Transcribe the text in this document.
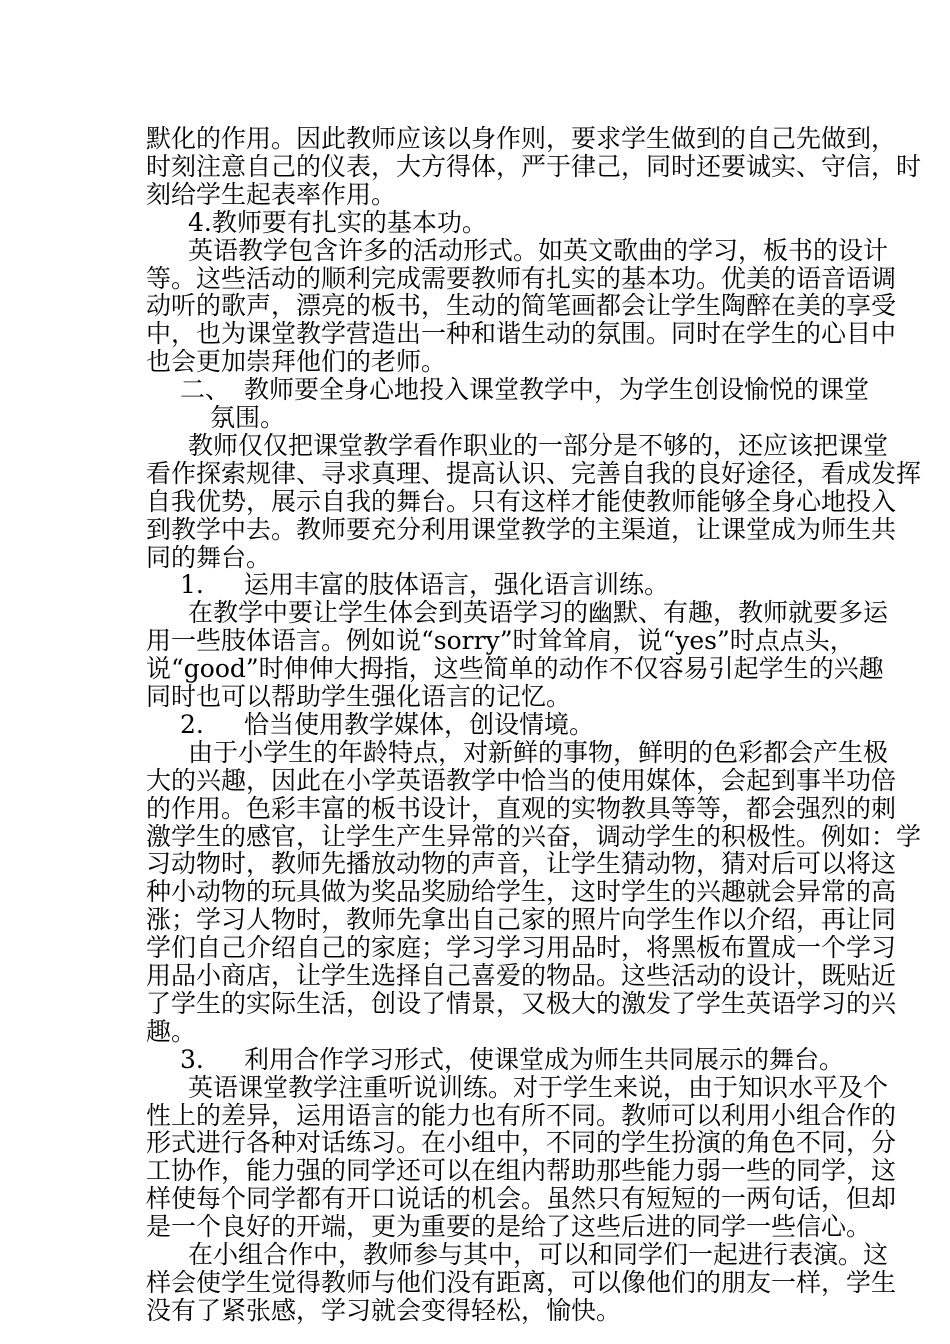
默化的作用。因此教师应该以身作则，要求学生做到的自己先做到，
时刻注意自己的仪表，大方得体，严于律己，同时还要诚实、守信，时
刻给学生起表率作用。
4.教师要有扎实的基本功。
英语教学包含许多的活动形式。如英文歌曲的学习，板书的设计
等。这些活动的顺利完成需要教师有扎实的基本功。优美的语音语调
动听的歌声，漂亮的板书，生动的简笔画都会让学生陶醉在美的享受
中，也为课堂教学营造出一种和谐生动的氛围。同时在学生的心目中
也会更加崇拜他们的老师。
二、 教师要全身心地投入课堂教学中，为学生创设愉悦的课堂
氛围。
教师仅仅把课堂教学看作职业的一部分是不够的，还应该把课堂
看作探索规律、寻求真理、提高认识、完善自我的良好途径，看成发挥
自我优势，展示自我的舞台。只有这样才能使教师能够全身心地投入
到教学中去。教师要充分利用课堂教学的主渠道，让课堂成为师生共
同的舞台。
1. 运用丰富的肢体语言，强化语言训练。
在教学中要让学生体会到英语学习的幽默、有趣，教师就要多运
用一些肢体语言。例如说“sorry”时耸耸肩，说“yes”时点点头，
说“good”时伸伸大拇指，这些简单的动作不仅容易引起学生的兴趣
同时也可以帮助学生强化语言的记忆。
2. 恰当使用教学媒体，创设情境。
由于小学生的年龄特点，对新鲜的事物，鲜明的色彩都会产生极
大的兴趣，因此在小学英语教学中恰当的使用媒体，会起到事半功倍
的作用。色彩丰富的板书设计，直观的实物教具等等，都会强烈的刺
激学生的感官，让学生产生异常的兴奋，调动学生的积极性。例如：学
习动物时，教师先播放动物的声音，让学生猜动物，猜对后可以将这
种小动物的玩具做为奖品奖励给学生，这时学生的兴趣就会异常的高
涨；学习人物时，教师先拿出自己家的照片向学生作以介绍，再让同
学们自己介绍自己的家庭；学习学习用品时，将黑板布置成一个学习
用品小商店，让学生选择自己喜爱的物品。这些活动的设计，既贴近
了学生的实际生活，创设了情景，又极大的激发了学生英语学习的兴
趣。
3. 利用合作学习形式，使课堂成为师生共同展示的舞台。
英语课堂教学注重听说训练。对于学生来说，由于知识水平及个
性上的差异，运用语言的能力也有所不同。教师可以利用小组合作的
形式进行各种对话练习。在小组中，不同的学生扮演的角色不同，分
工协作，能力强的同学还可以在组内帮助那些能力弱一些的同学，这
样使每个同学都有开口说话的机会。虽然只有短短的一两句话，但却
是一个良好的开端，更为重要的是给了这些后进的同学一些信心。
在小组合作中，教师参与其中，可以和同学们一起进行表演。这
样会使学生觉得教师与他们没有距离，可以像他们的朋友一样，学生
没有了紧张感，学习就会变得轻松，愉快。
